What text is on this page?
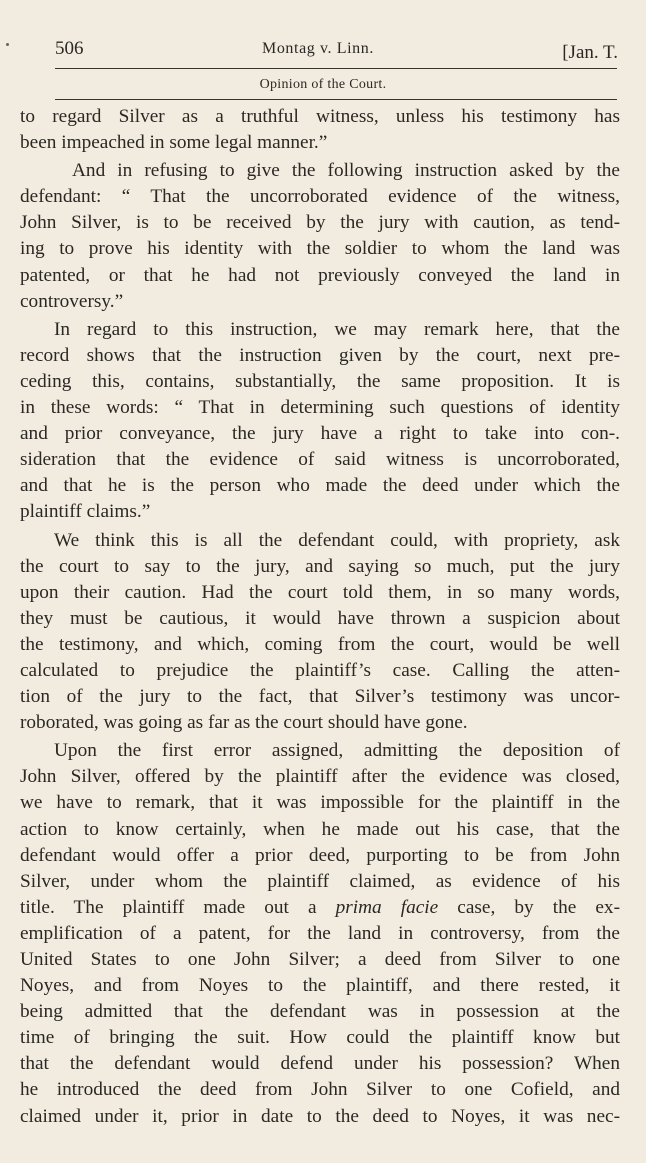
506	Montag v. Linn.	[Jan. T.
Opinion of the Court.
to regard Silver as a truthful witness, unless his testimony has
been impeached in some legal manner.”
And in refusing to give the following instruction asked by the
defendant: “ That the uncorroborated evidence of the witness,
John Silver, is to be received by the jury with caution, as tend-
ing to prove his identity with the soldier to whom the land was
patented, or that he had not previously conveyed the land in
controversy.”
In regard to this instruction, we may remark here, that the
record shows that the instruction given by the court, next pre-
ceding this, contains, substantially, the same proposition. It is
in these words: “ That in determining such questions of identity
and prior conveyance, the jury have a right to take into con-.
sideration that the evidence of said witness is uncorroborated,
and that he is the person who made the deed under which the
plaintiff claims.”
We think this is all the defendant could, with propriety, ask
the court to say to the jury, and saying so much, put the jury
upon their caution. Had the court told them, in so many words,
they must be cautious, it would have thrown a suspicion about
the testimony, and which, coming from the court, would be well
calculated to prejudice the plaintiff’s case. Calling the atten-
tion of the jury to the fact, that Silver’s testimony was uncor-
roborated, was going as far as the court should have gone.
Upon the first error assigned, admitting the deposition of
John Silver, offered by the plaintiff after the evidence was closed,
we have to remark, that it was impossible for the plaintiff in the
action to know certainly, when he made out his case, that the
defendant would offer a prior deed, purporting to be from John
Silver, under whom the plaintiff claimed, as evidence of his
title. The plaintiff made out a prima facie case, by the ex-
emplification of a patent, for the land in controversy, from the
United States to one John Silver; a deed from Silver to one
Noyes, and from Noyes to the plaintiff, and there rested, it
being admitted that the defendant was in possession at the
time of bringing the suit. How could the plaintiff know but
that the defendant would defend under his possession? When
he introduced the deed from John Silver to one Cofield, and
claimed under it, prior in date to the deed to Noyes, it was nec-
